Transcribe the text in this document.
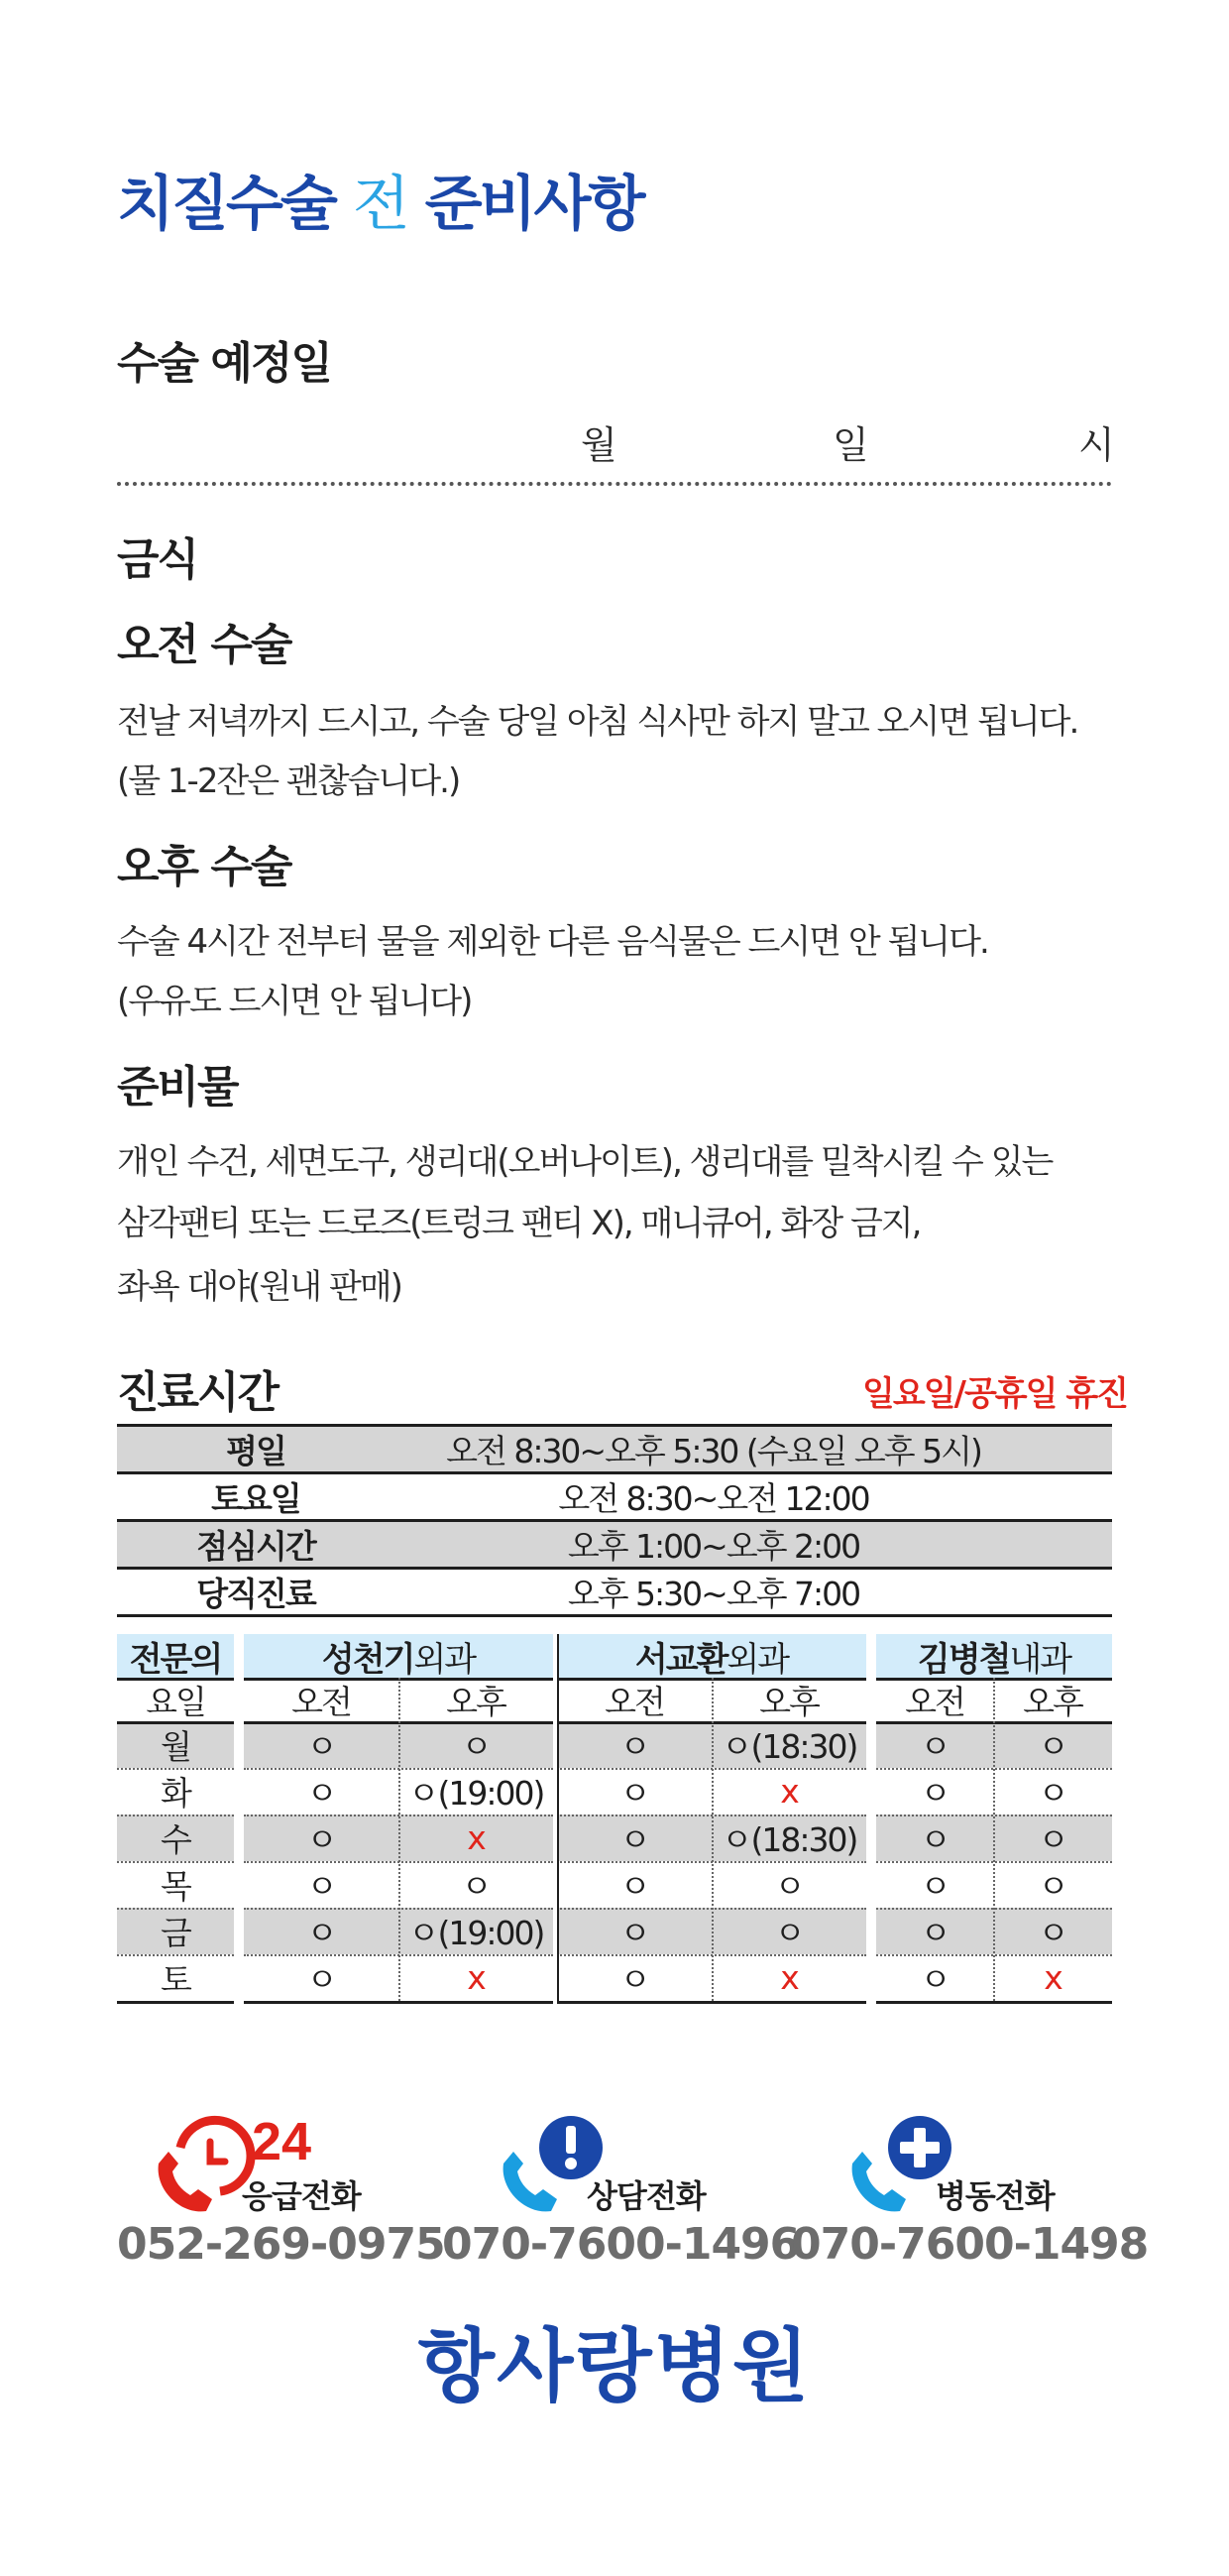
치질수술 전 준비사항
수술 예정일
월	일	시
금식
오전 수술
전날 저녁까지 드시고, 수술 당일 아침 식사만 하지 말고 오시면 됩니다.
(물 1-2잔은 괜찮습니다.)
오후 수술
수술 4시간 전부터 물을 제외한 다른 음식물은 드시면 안 됩니다.
(우유도 드시면 안 됩니다)
준비물
개인 수건, 세면도구, 생리대(오버나이트), 생리대를 밀착시킬 수 있는
삼각팬티 또는 드로즈(트렁크 팬티 X), 매니큐어, 화장 금지,
좌욕 대야(원내 판매)
진료시간	일요일/공휴일 휴진
평일	오전 8:30~오후 5:30 (수요일 오후 5시)
토요일	오전 8:30~오전 12:00
점심시간	오후 1:00~오후 2:00
당직진료	오후 5:30~오후 7:00
전문의	성천기 외과	서교환 외과	김병철 내과
요일	오전	오후	오전	오후	오전	오후
월	ㅇ	ㅇ	ㅇ	ㅇ(18:30)	ㅇ	ㅇ
화	ㅇ	ㅇ(19:00)	ㅇ	x	ㅇ	ㅇ
수	ㅇ	x	ㅇ	ㅇ(18:30)	ㅇ	ㅇ
목	ㅇ	ㅇ	ㅇ	ㅇ	ㅇ	ㅇ
금	ㅇ	ㅇ(19:00)	ㅇ	ㅇ	ㅇ	ㅇ
토	ㅇ	x	ㅇ	x	ㅇ	x
24
응급전화
052-269-0975
상담전화
070-7600-1496
병동전화
070-7600-1498
항사랑병원
